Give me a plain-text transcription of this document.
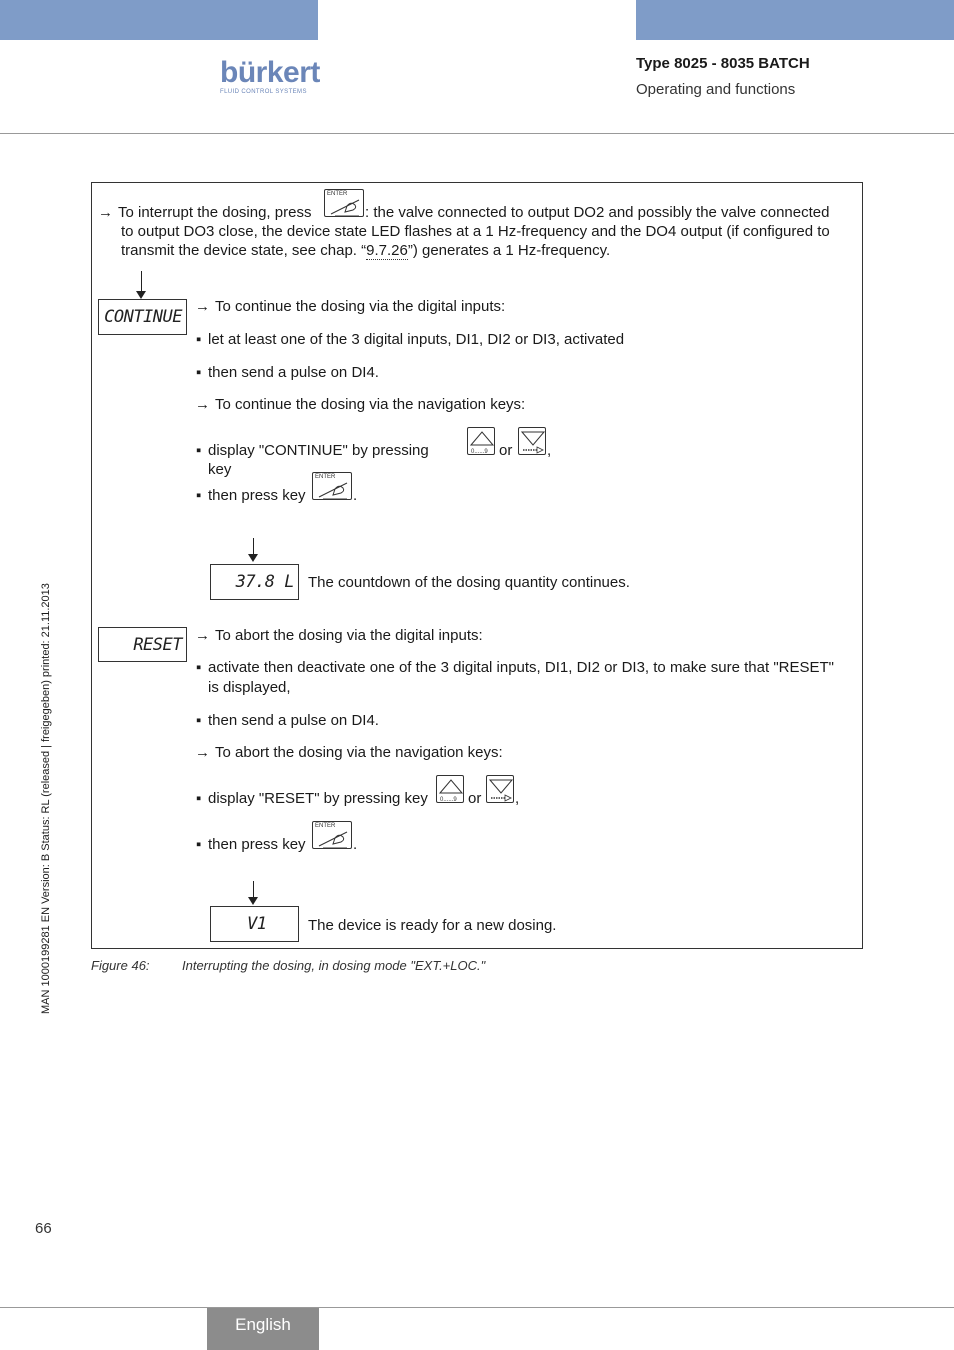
bürkert
FLUID CONTROL SYSTEMS
Type 8025 - 8035 BATCH
Operating and functions
→ To interrupt the dosing, press
ENTER
: the valve connected to output DO2 and possibly the valve connected
to output DO3 close, the device state LED flashes at a 1 Hz-frequency and the DO4 output (if configured to
transmit the device state, see chap. “9.7.26”) generates a 1 Hz-frequency.
CONTINUE
→ To continue the dosing via the digital inputs:
▪ let at least one of the 3 digital inputs, DI1, DI2 or DI3, activated
▪ then send a pulse on DI4.
→ To continue the dosing via the navigation keys:
▪ display "CONTINUE" by pressing key
0......9 or ,
▪ then press key
ENTER
.
37.8 L The countdown of the dosing quantity continues.
RESET → To abort the dosing via the digital inputs:
▪ activate then deactivate one of the 3 digital inputs, DI1, DI2 or DI3, to make sure that "RESET"
is displayed,
▪ then send a pulse on DI4.
→ To abort the dosing via the navigation keys:
▪ display "RESET" by pressing key 0......9 or ,
▪ then press key
ENTER
.
V1	The device is ready for a new dosing.
Figure 46: Interrupting the dosing, in dosing mode "EXT.+LOC."
MAN 1000199281 EN Version: B Status: RL (released | freigegeben) printed: 21.11.2013
66
English
